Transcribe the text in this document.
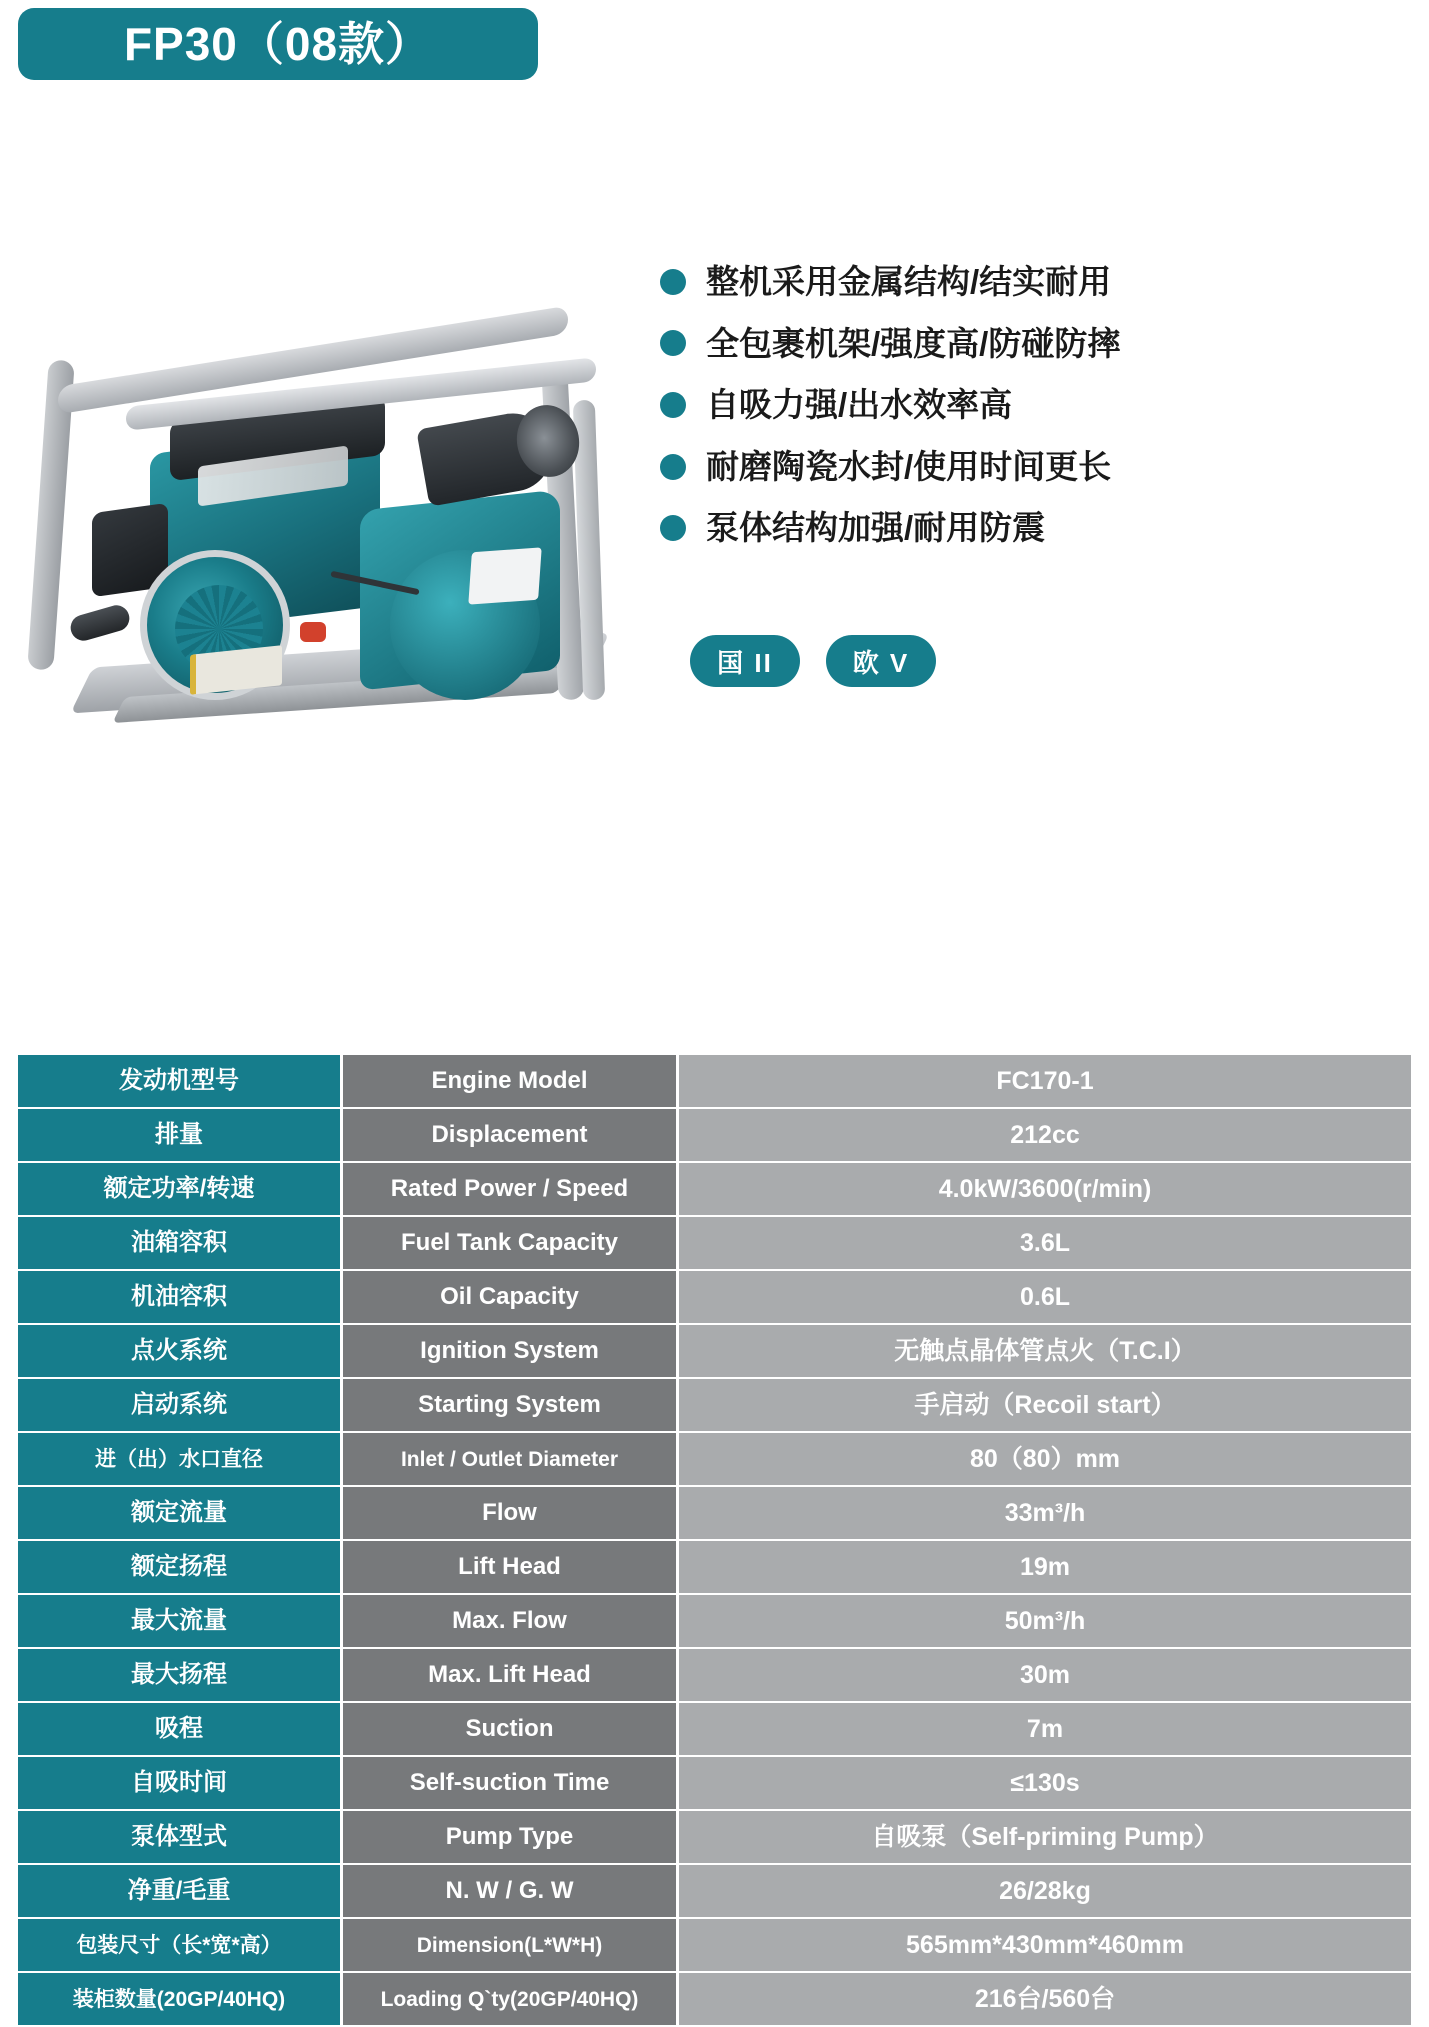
FP30（08款）
整机采用金属结构/结实耐用
全包裹机架/强度高/防碰防摔
自吸力强/出水效率高
耐磨陶瓷水封/使用时间更长
泵体结构加强/耐用防震
国 II	欧 V
发动机型号	Engine Model	FC170-1
排量	Displacement	212cc
额定功率/转速	Rated Power / Speed	4.0kW/3600(r/min)
油箱容积	Fuel Tank Capacity	3.6L
机油容积	Oil Capacity	0.6L
点火系统	Ignition System	无触点晶体管点火（T.C.I）
启动系统	Starting System	手启动（Recoil start）
进（出）水口直径	Inlet / Outlet Diameter	80（80）mm
额定流量	Flow	33m³/h
额定扬程	Lift Head	19m
最大流量	Max. Flow	50m³/h
最大扬程	Max. Lift Head	30m
吸程	Suction	7m
自吸时间	Self-suction Time	≤130s
泵体型式	Pump Type	自吸泵（Self-priming Pump）
净重/毛重	N. W / G. W	26/28kg
包装尺寸（长*宽*高）	Dimension(L*W*H)	565mm*430mm*460mm
装柜数量(20GP/40HQ)	Loading Q`ty(20GP/40HQ)	216台/560台
